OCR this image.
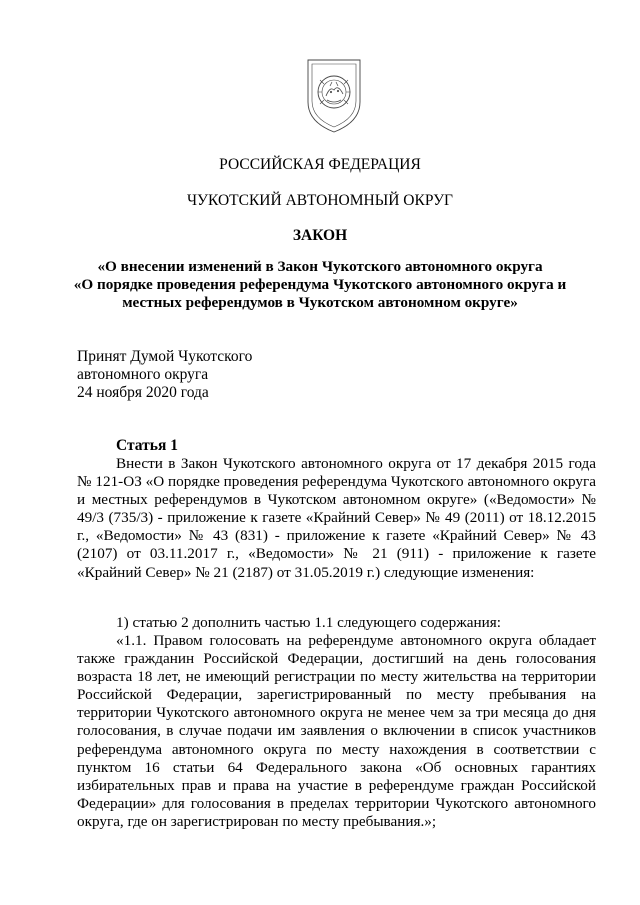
РОССИЙСКАЯ ФЕДЕРАЦИЯ
ЧУКОТСКИЙ АВТОНОМНЫЙ ОКРУГ
ЗАКОН
«О внесении изменений в Закон Чукотского автономного округа
«О порядке проведения референдума Чукотского автономного округа и
местных референдумов в Чукотском автономном округе»
Принят Думой Чукотского
автономного округа
24 ноября 2020 года
Статья 1
Внести в Закон Чукотского автономного округа от 17 декабря 2015 года № 121-ОЗ «О порядке проведения референдума Чукотского автономного округа и местных референдумов в Чукотском автономном округе» («Ведомости» № 49/3 (735/3) - приложение к газете «Крайний Север» № 49 (2011) от 18.12.2015 г., «Ведомости» № 43 (831) - приложение к газете «Крайний Север» № 43 (2107) от 03.11.2017 г., «Ведомости» № 21 (911) - приложение к газете «Крайний Север» № 21 (2187) от 31.05.2019 г.) следующие изменения:
1) статью 2 дополнить частью 1.1 следующего содержания:
«1.1. Правом голосовать на референдуме автономного округа обладает также гражданин Российской Федерации, достигший на день голосования возраста 18 лет, не имеющий регистрации по месту жительства на территории Российской Федерации, зарегистрированный по месту пребывания на территории Чукотского автономного округа не менее чем за три месяца до дня голосования, в случае подачи им заявления о включении в список участников референдума автономного округа по месту нахождения в соответствии с пунктом 16 статьи 64 Федерального закона «Об основных гарантиях избирательных прав и права на участие в референдуме граждан Российской Федерации» для голосования в пределах территории Чукотского автономного округа, где он зарегистрирован по месту пребывания.»;
